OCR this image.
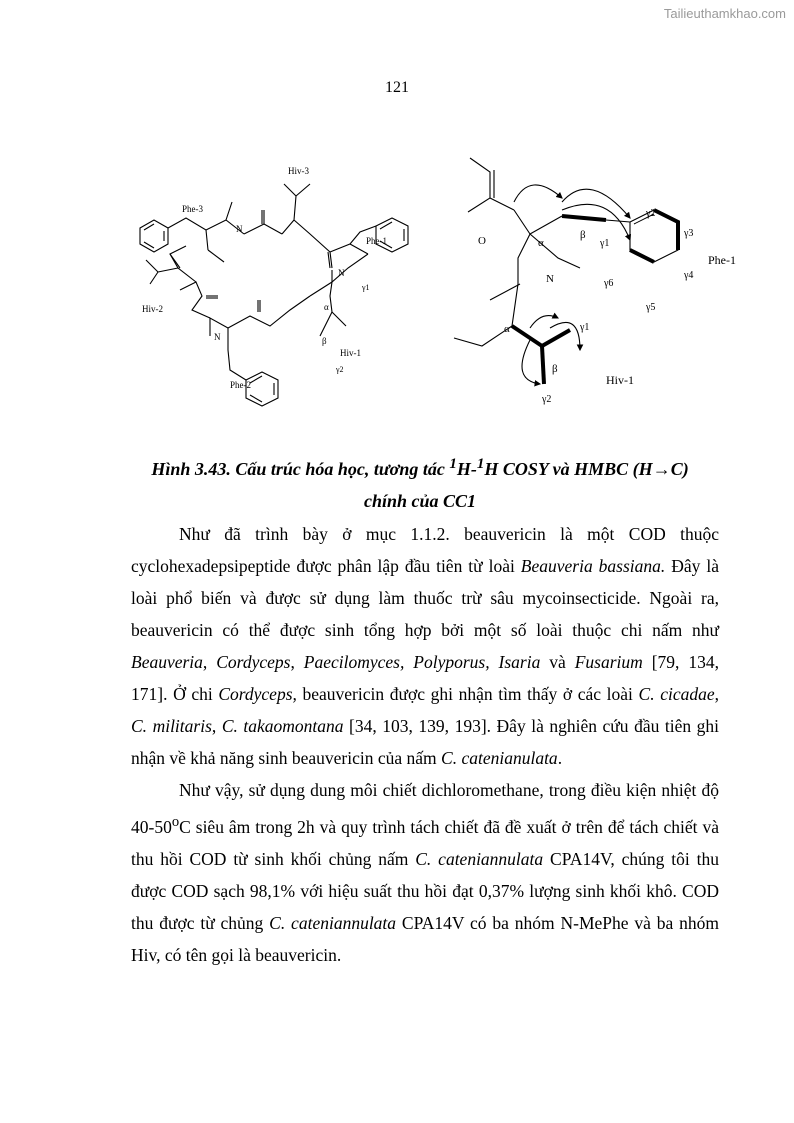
Tailieuthamkhao.com
121
Hiv-3
Phe-3
Hiv-2
Phe-2
Phe-1
Hiv-1
N
N
N
α
β
γ1
γ2
O
N
α
β
γ1
γ2
γ3
γ4
γ5
γ6
Phe-1
α
β
γ1
γ2
Hiv-1
Hình 3.43. Cấu trúc hóa học, tương tác $^1$H-$^1$H COSY và HMBC (H→C)
chính của CC1

Như đã trình bày ở mục 1.1.2. beauvericin là một COD thuộc cyclohexadepsipeptide được phân lập đầu tiên từ loài Beauveria bassiana. Đây là loài phổ biến và được sử dụng làm thuốc trừ sâu mycoinsecticide. Ngoài ra, beauvericin có thể được sinh tổng hợp bởi một số loài thuộc chi nấm như Beauveria, Cordyceps, Paecilomyces, Polyporus, Isaria và Fusarium [79, 134, 171]. Ở chi Cordyceps, beauvericin được ghi nhận tìm thấy ở các loài C. cicadae, C. militaris, C. takaomontana [34, 103, 139, 193]. Đây là nghiên cứu đầu tiên ghi nhận về khả năng sinh beauvericin của nấm C. catenianulata.

Như vậy, sử dụng dung môi chiết dichloromethane, trong điều kiện nhiệt độ 40-50$^o$C siêu âm trong 2h và quy trình tách chiết đã đề xuất ở trên để tách chiết và thu hồi COD từ sinh khối chủng nấm C. cateniannulata CPA14V, chúng tôi thu được COD sạch 98,1% với hiệu suất thu hồi đạt 0,37% lượng sinh khối khô. COD thu được từ chủng C. cateniannulata CPA14V có ba nhóm N-MePhe và ba nhóm Hiv, có tên gọi là beauvericin.
